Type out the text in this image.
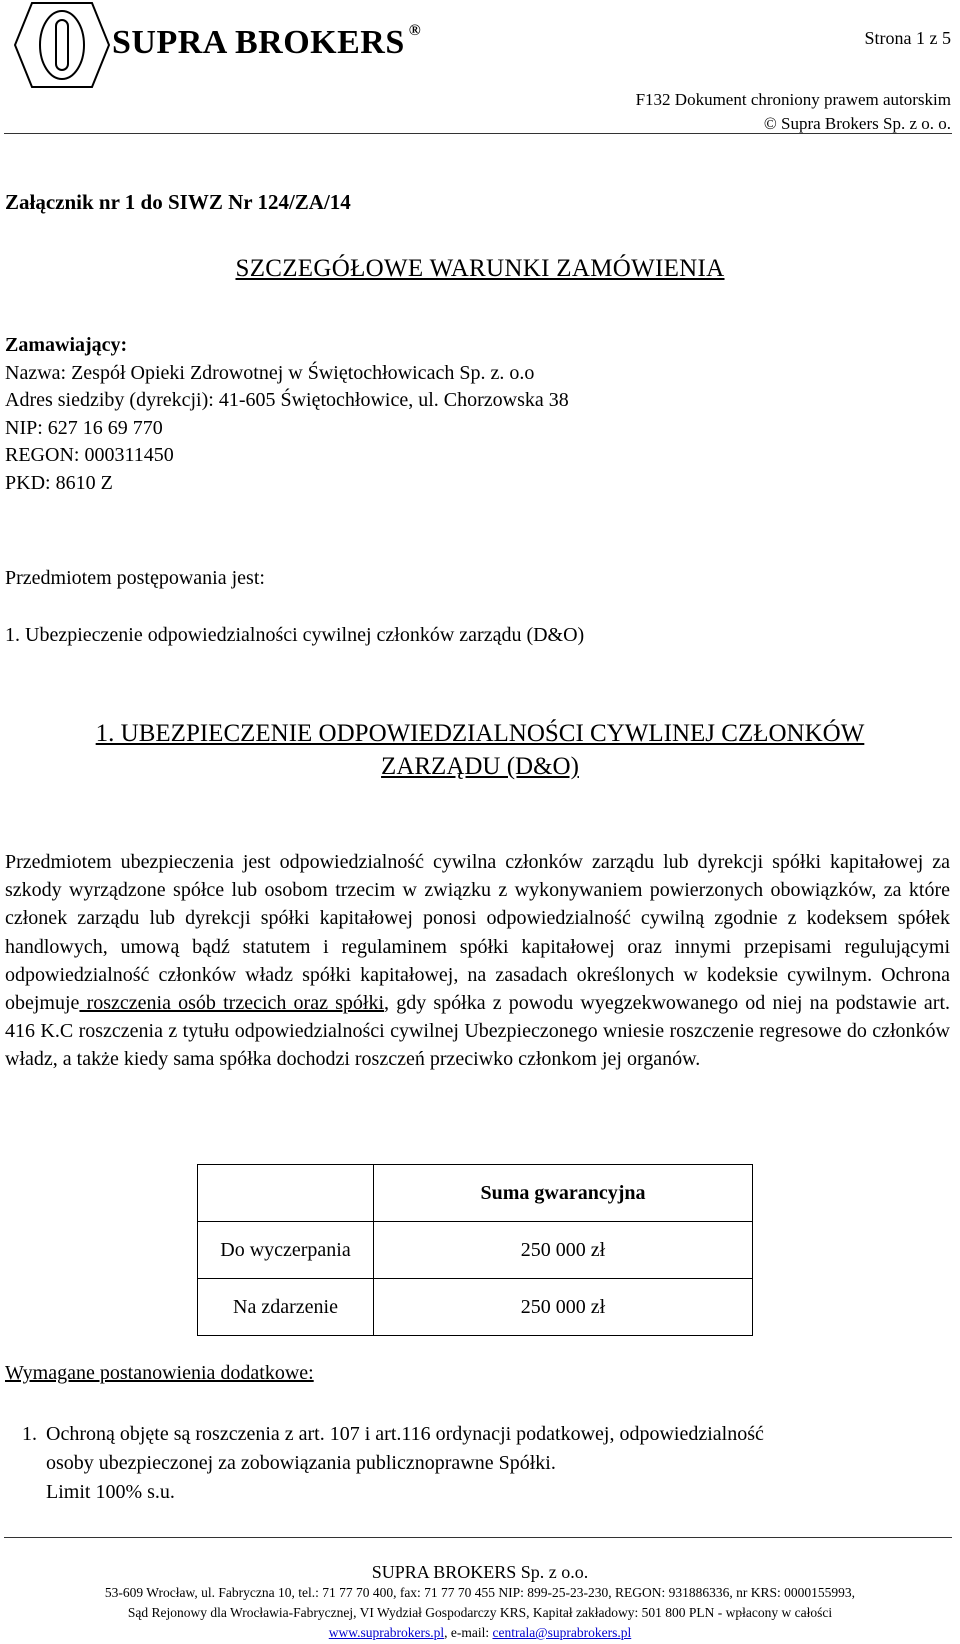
SUPRA BROKERS ®	Strona 1 z 5
F132 Dokument chroniony prawem autorskim
© Supra Brokers Sp. z o. o.
Załącznik nr 1 do SIWZ Nr 124/ZA/14
SZCZEGÓŁOWE WARUNKI ZAMÓWIENIA
Zamawiający:
Nazwa: Zespół Opieki Zdrowotnej w Świętochłowicach Sp. z. o.o
Adres siedziby (dyrekcji): 41-605 Świętochłowice, ul. Chorzowska 38
NIP: 627 16 69 770
REGON: 000311450
PKD: 8610 Z
Przedmiotem postępowania jest:
1. Ubezpieczenie odpowiedzialności cywilnej członków zarządu (D&O)
1. UBEZPIECZENIE ODPOWIEDZIALNOŚCI CYWLINEJ CZŁONKÓW
ZARZĄDU (D&O)
Przedmiotem ubezpieczenia jest odpowiedzialność cywilna członków zarządu lub dyrekcji spółki kapitałowej za szkody wyrządzone spółce lub osobom trzecim w związku z wykonywaniem powierzonych obowiązków, za które członek zarządu lub dyrekcji spółki kapitałowej ponosi odpowiedzialność cywilną zgodnie z kodeksem spółek handlowych, umową bądź statutem i regulaminem spółki kapitałowej oraz innymi przepisami regulującymi odpowiedzialność członków władz spółki kapitałowej, na zasadach określonych w kodeksie cywilnym. Ochrona obejmuje roszczenia osób trzecich oraz spółki, gdy spółka z powodu wyegzekwowanego od niej na podstawie art. 416 K.C roszczenia z tytułu odpowiedzialności cywilnej Ubezpieczonego wniesie roszczenie regresowe do członków władz, a także kiedy sama spółka dochodzi roszczeń przeciwko członkom jej organów.
	Suma gwarancyjna
Do wyczerpania	250 000 zł
Na zdarzenie	250 000 zł
Wymagane postanowienia dodatkowe:
1. Ochroną objęte są roszczenia z art. 107 i art.116 ordynacji podatkowej, odpowiedzialność
osoby ubezpieczonej za zobowiązania publicznoprawne Spółki.
Limit 100% s.u.
SUPRA BROKERS Sp. z o.o.
53-609 Wrocław, ul. Fabryczna 10, tel.: 71 77 70 400, fax: 71 77 70 455 NIP: 899-25-23-230, REGON: 931886336, nr KRS: 0000155993,
Sąd Rejonowy dla Wrocławia-Fabrycznej, VI Wydział Gospodarczy KRS, Kapitał zakładowy: 501 800 PLN - wpłacony w całości
www.suprabrokers.pl, e-mail: centrala@suprabrokers.pl
